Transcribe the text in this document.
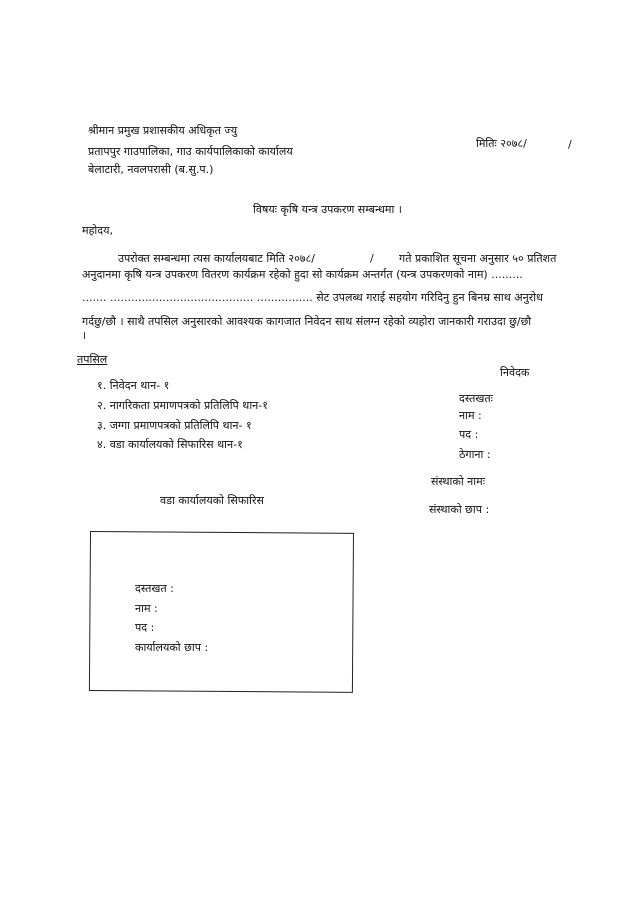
श्रीमान प्रमुख प्रशासकीय अधिकृत ज्यु
प्रतापपुर गाउपालिका, गाउ कार्यपालिकाको कार्यालय
बेलाटारी, नवलपरासी (ब.सु.प.)
मितिः २०७८/	/
विषयः कृषि यन्त्र उपकरण सम्बन्धमा ।
महोदय,
उपरोक्त सम्बन्धमा त्यस कार्यालयबाट मिति २०७८/	/ गते प्रकाशित सूचना अनुसार ५० प्रतिशत
अनुदानमा कृषि यन्त्र उपकरण वितरण कार्यक्रम रहेको हुदा सो कार्यक्रम अन्तर्गत (यन्त्र उपकरणको नाम) .........
....... ......................................... ................ सेट उपलब्ध गराई सहयोग गरिदिनु हुन बिनम्र साथ अनुरोध
गर्दछु/छौ । साथै तपसिल अनुसारको आवश्यक कागजात निवेदन साथ संलग्न रहेको व्यहोरा जानकारी गराउदा छु/छौ
।
तपसिल
१. निवेदन थान- १
२. नागरिकता प्रमाणपत्रको प्रतिलिपि थान-१
३. जग्गा प्रमाणपत्रको प्रतिलिपि थान- १
४. वडा कार्यालयको सिफारिस थान-१
निवेदक
दस्तखतः
नाम :
पद :
ठेगाना :
संस्थाको नामः
संस्थाको छाप :
वडा कार्यालयको सिफारिस
दस्तखत :
नाम :
पद :
कार्यालयको छाप :
